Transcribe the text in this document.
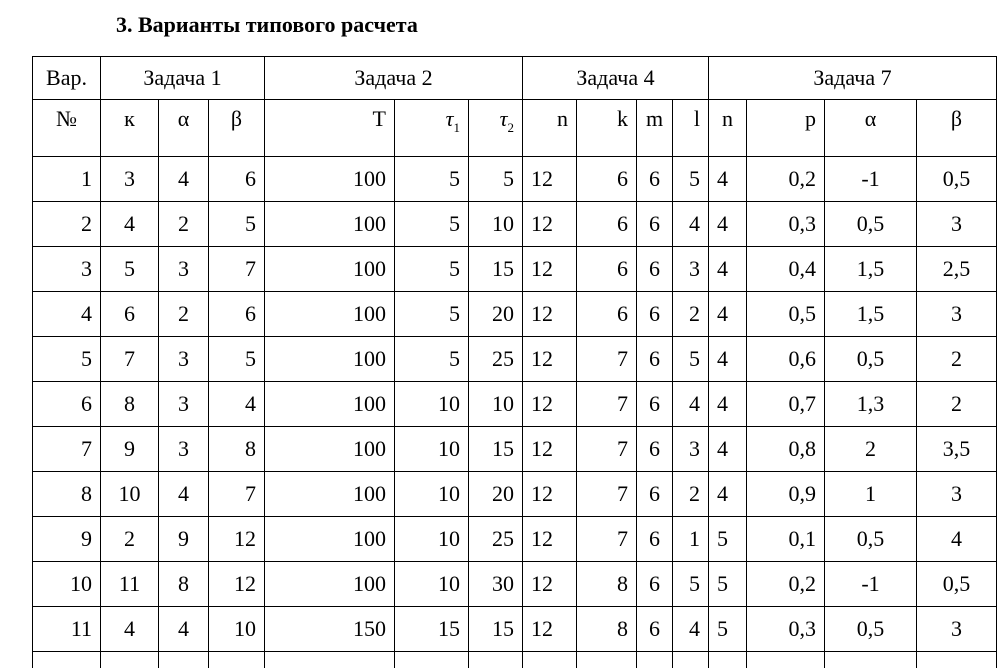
3. Варианты типового расчета
Вар.	Задача 1			Задача 2			Задача 4				Задача 7			
№	к	α	β	T	$\tau_1$	$\tau_2$	n	k	m	l	n	p	α	β
1	3	4	6	100	5	5	12	6	6	5	4	0,2	-1	0,5
2	4	2	5	100	5	10	12	6	6	4	4	0,3	0,5	3
3	5	3	7	100	5	15	12	6	6	3	4	0,4	1,5	2,5
4	6	2	6	100	5	20	12	6	6	2	4	0,5	1,5	3
5	7	3	5	100	5	25	12	7	6	5	4	0,6	0,5	2
6	8	3	4	100	10	10	12	7	6	4	4	0,7	1,3	2
7	9	3	8	100	10	15	12	7	6	3	4	0,8	2	3,5
8	10	4	7	100	10	20	12	7	6	2	4	0,9	1	3
9	2	9	12	100	10	25	12	7	6	1	5	0,1	0,5	4
10	11	8	12	100	10	30	12	8	6	5	5	0,2	-1	0,5
11	4	4	10	150	15	15	12	8	6	4	5	0,3	0,5	3
